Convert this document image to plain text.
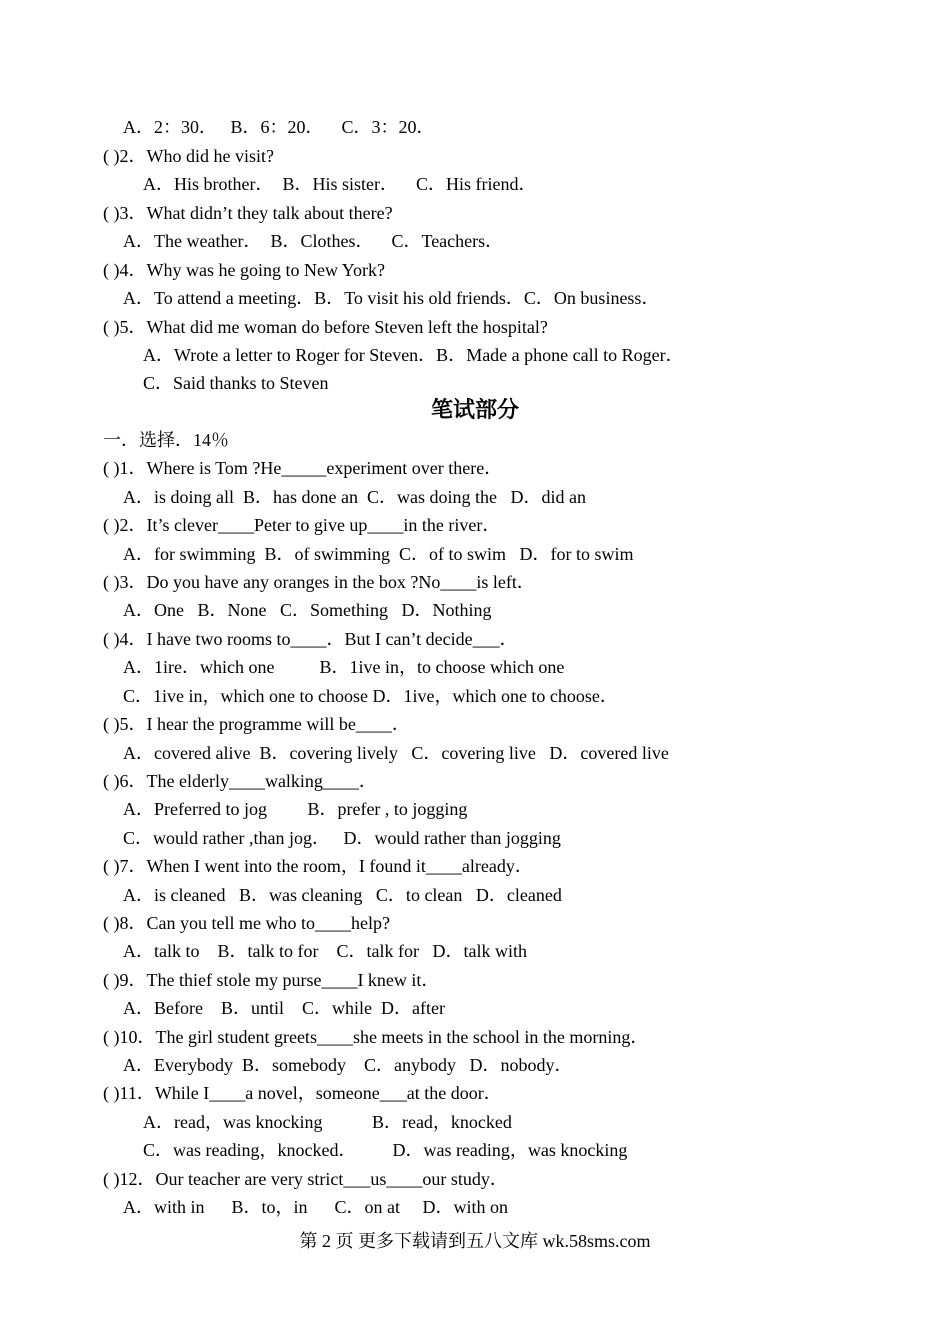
A．2：30．   B．6：20．    C．3：20．
( )2．Who did he visit?
A．His brother．  B．His sister．    C．His friend．
( )3．What didn’t they talk about there?
A．The weather．  B．Clothes．    C．Teachers．
( )4．Why was he going to New York?
A．To attend a meeting．B．To visit his old friends．C．On business．
( )5．What did me woman do before Steven left the hospital?
A．Wrote a letter to Roger for Steven．B．Made a phone call to Roger．
C．Said thanks to Steven
笔试部分
一．选择．14％
( )1．Where is Tom ?He_____experiment over there．
A．is doing all  B．has done an  C．was doing the   D．did an
( )2．It’s clever____Peter to give up____in the river．
A．for swimming  B．of swimming  C．of to swim   D．for to swim
( )3．Do you have any oranges in the box ?No____is left．
A．One   B．None   C．Something   D．Nothing
( )4．I have two rooms to____．But I can’t decide___．
A．1ire．which one          B．1ive in，to choose which one
C．1ive in，which one to choose D．1ive，which one to choose．
( )5．I hear the programme will be____．
A．covered alive  B．covering lively   C．covering live   D．covered live
( )6．The elderly____walking____．
A．Preferred to jog         B．prefer , to jogging
C．would rather ,than jog．   D．would rather than jogging
( )7．When I went into the room，I found it____already．
A．is cleaned   B．was cleaning   C．to clean   D．cleaned
( )8．Can you tell me who to____help?
A．talk to    B．talk to for    C．talk for   D．talk with
( )9．The thief stole my purse____I knew it．
A．Before    B．until    C．while  D．after
( )10．The girl student greets____she meets in the school in the morning．
A．Everybody  B．somebody    C．anybody   D．nobody．
( )11．While I____a novel，someone___at the door．
A．read，was knocking           B．read，knocked
C．was reading，knocked．        D．was reading，was knocking
( )12．Our teacher are very strict___us____our study．
A．with in      B．to，in      C．on at     D．with on
第 2 页 更多下载请到五八文库 wk.58sms.com
